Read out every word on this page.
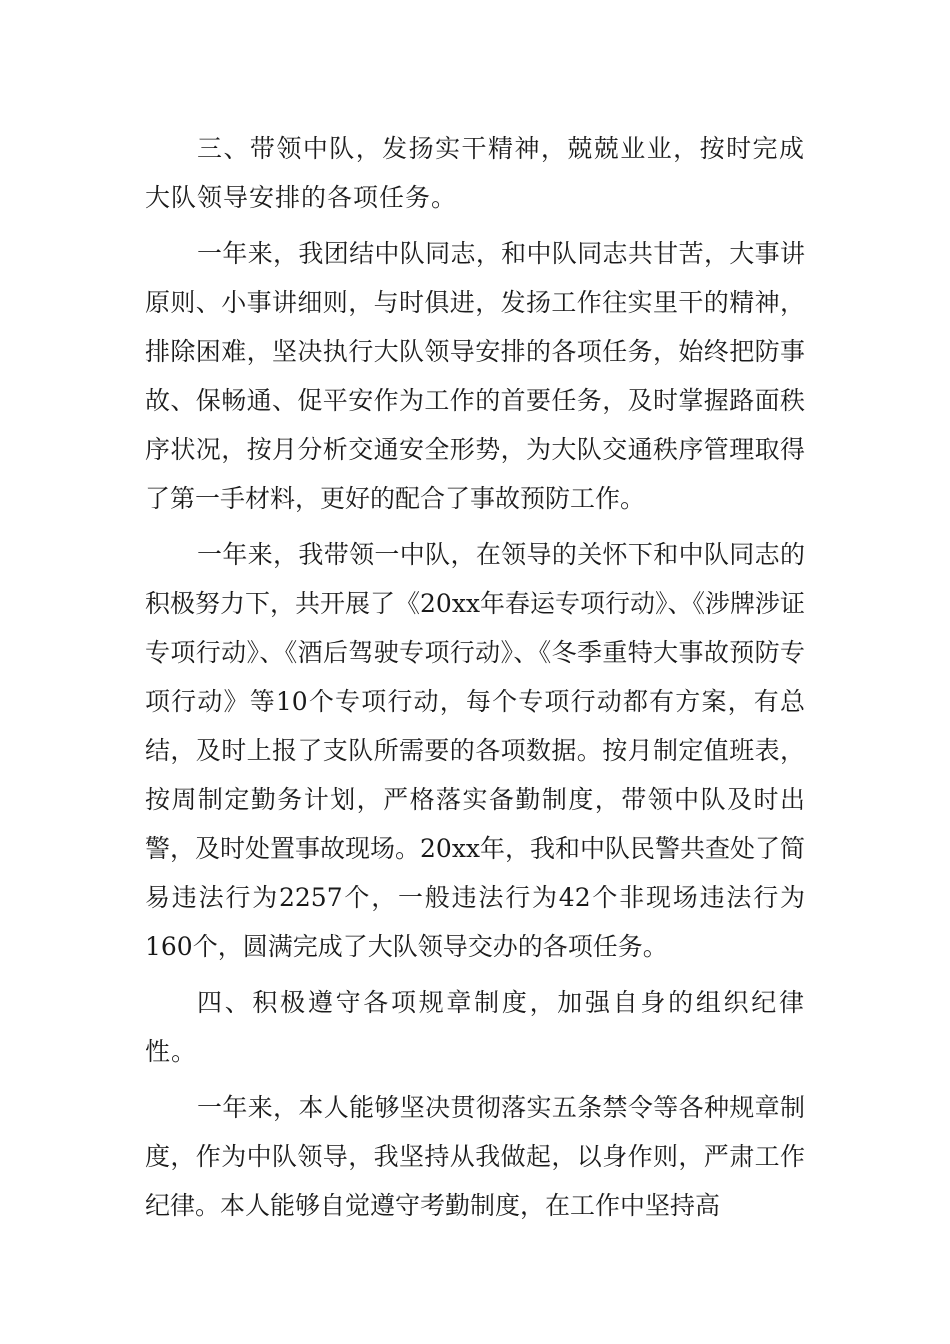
三、带领中队，发扬实干精神，兢兢业业，按时完成大队领导安排的各项任务。

一年来，我团结中队同志，和中队同志共甘苦，大事讲原则、小事讲细则，与时俱进，发扬工作往实里干的精神，排除困难，坚决执行大队领导安排的各项任务，始终把防事故、保畅通、促平安作为工作的首要任务，及时掌握路面秩序状况，按月分析交通安全形势，为大队交通秩序管理取得了第一手材料，更好的配合了事故预防工作。

一年来，我带领一中队，在领导的关怀下和中队同志的积极努力下，共开展了《20xx年春运专项行动》、《涉牌涉证专项行动》、《酒后驾驶专项行动》、《冬季重特大事故预防专项行动》等10个专项行动，每个专项行动都有方案，有总结，及时上报了支队所需要的各项数据。按月制定值班表，按周制定勤务计划，严格落实备勤制度，带领中队及时出警，及时处置事故现场。20xx年，我和中队民警共查处了简易违法行为2257个，一般违法行为42个非现场违法行为160个，圆满完成了大队领导交办的各项任务。

四、积极遵守各项规章制度，加强自身的组织纪律性。

一年来，本人能够坚决贯彻落实五条禁令等各种规章制度，作为中队领导，我坚持从我做起，以身作则，严肃工作纪律。本人能够自觉遵守考勤制度，在工作中坚持高
